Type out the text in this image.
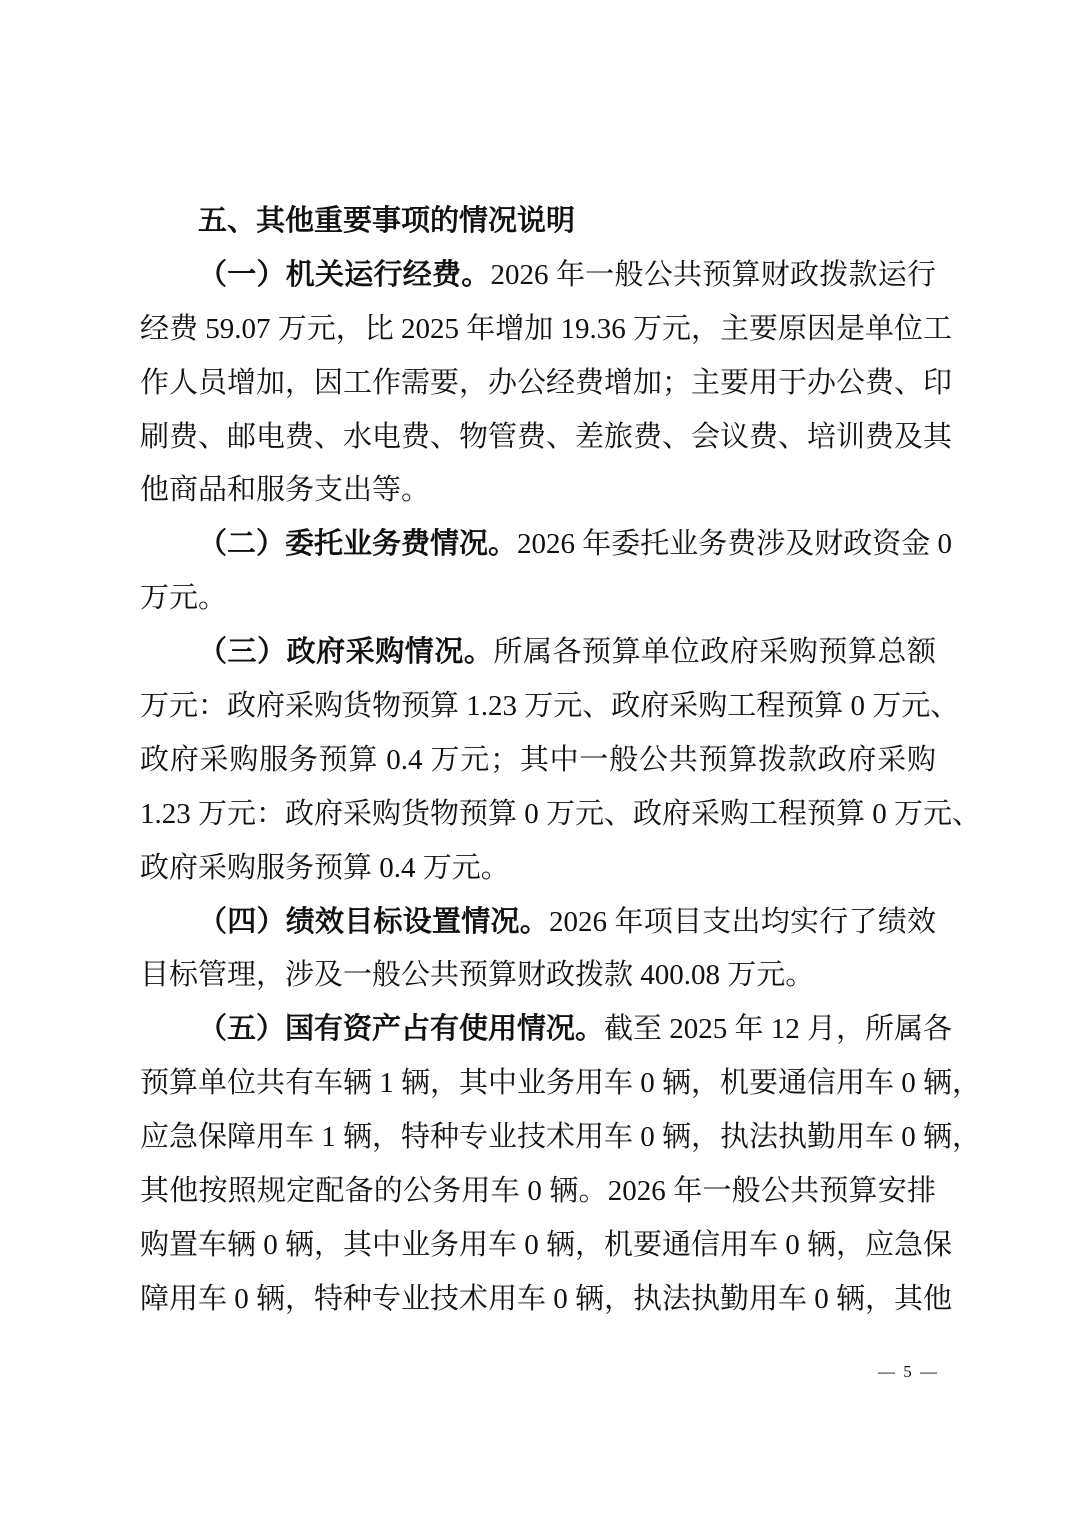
五、其他重要事项的情况说明
（一）机关运行经费。2026 年一般公共预算财政拨款运行
经费 59.07 万元，比 2025 年增加 19.36 万元，主要原因是单位工
作人员增加，因工作需要，办公经费增加；主要用于办公费、印
刷费、邮电费、水电费、物管费、差旅费、会议费、培训费及其
他商品和服务支出等。
（二）委托业务费情况。2026 年委托业务费涉及财政资金 0
万元。
（三）政府采购情况。所属各预算单位政府采购预算总额
万元：政府采购货物预算 1.23 万元、政府采购工程预算 0 万元、
政府采购服务预算 0.4 万元；其中一般公共预算拨款政府采购
1.23 万元：政府采购货物预算 0 万元、政府采购工程预算 0 万元、
政府采购服务预算 0.4 万元。
（四）绩效目标设置情况。2026 年项目支出均实行了绩效
目标管理，涉及一般公共预算财政拨款 400.08 万元。
（五）国有资产占有使用情况。截至 2025 年 12 月，所属各
预算单位共有车辆 1 辆，其中业务用车 0 辆，机要通信用车 0 辆，
应急保障用车 1 辆，特种专业技术用车 0 辆，执法执勤用车 0 辆，
其他按照规定配备的公务用车 0 辆。2026 年一般公共预算安排
购置车辆 0 辆，其中业务用车 0 辆，机要通信用车 0 辆，应急保
障用车 0 辆，特种专业技术用车 0 辆，执法执勤用车 0 辆，其他
— 5 —
